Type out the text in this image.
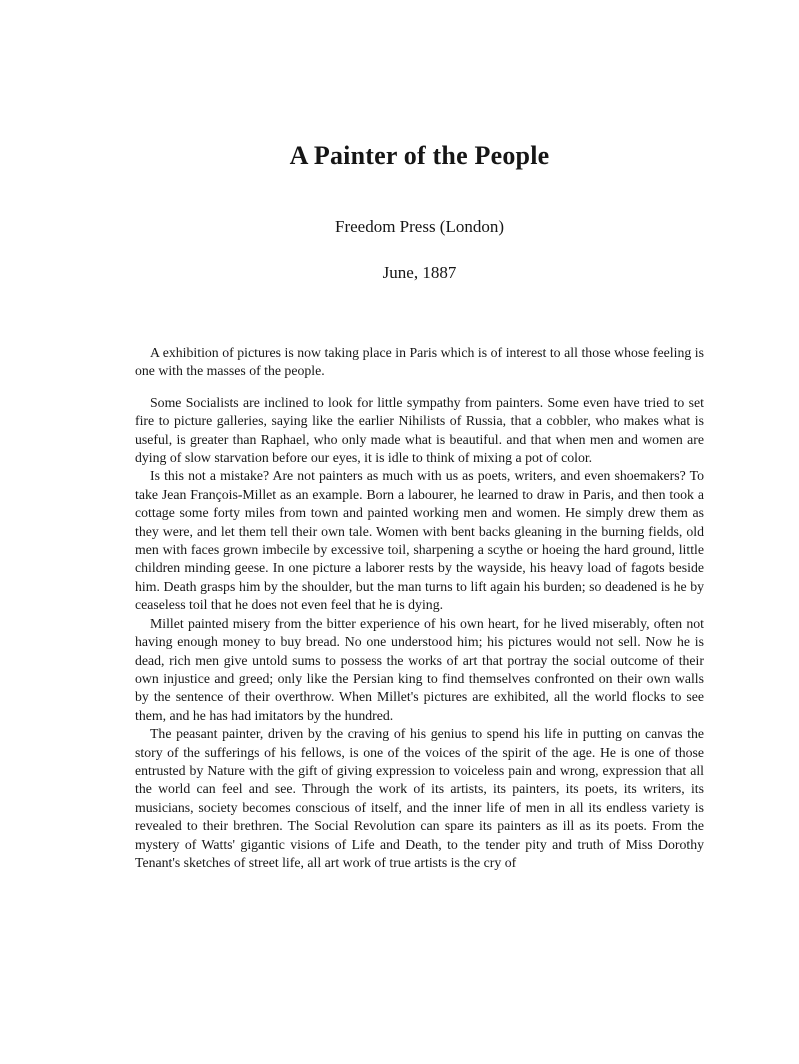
A Painter of the People
Freedom Press (London)
June, 1887

A exhibition of pictures is now taking place in Paris which is of interest to all those whose feeling is one with the masses of the people.

Some Socialists are inclined to look for little sympathy from painters. Some even have tried to set fire to picture galleries, saying like the earlier Nihilists of Russia, that a cobbler, who makes what is useful, is greater than Raphael, who only made what is beautiful. and that when men and women are dying of slow starvation before our eyes, it is idle to think of mixing a pot of color.

Is this not a mistake? Are not painters as much with us as poets, writers, and even shoemakers? To take Jean François-Millet as an example. Born a labourer, he learned to draw in Paris, and then took a cottage some forty miles from town and painted working men and women. He simply drew them as they were, and let them tell their own tale. Women with bent backs gleaning in the burning fields, old men with faces grown imbecile by excessive toil, sharpening a scythe or hoeing the hard ground, little children minding geese. In one picture a laborer rests by the wayside, his heavy load of fagots beside him. Death grasps him by the shoulder, but the man turns to lift again his burden; so deadened is he by ceaseless toil that he does not even feel that he is dying.

Millet painted misery from the bitter experience of his own heart, for he lived miserably, often not having enough money to buy bread. No one understood him; his pictures would not sell. Now he is dead, rich men give untold sums to possess the works of art that portray the social outcome of their own injustice and greed; only like the Persian king to find themselves confronted on their own walls by the sentence of their overthrow. When Millet's pictures are exhibited, all the world flocks to see them, and he has had imitators by the hundred.

The peasant painter, driven by the craving of his genius to spend his life in putting on canvas the story of the sufferings of his fellows, is one of the voices of the spirit of the age. He is one of those entrusted by Nature with the gift of giving expression to voiceless pain and wrong, expression that all the world can feel and see. Through the work of its artists, its painters, its poets, its writers, its musicians, society becomes conscious of itself, and the inner life of men in all its endless variety is revealed to their brethren. The Social Revolution can spare its painters as ill as its poets. From the mystery of Watts' gigantic visions of Life and Death, to the tender pity and truth of Miss Dorothy Tenant's sketches of street life, all art work of true artists is the cry of
